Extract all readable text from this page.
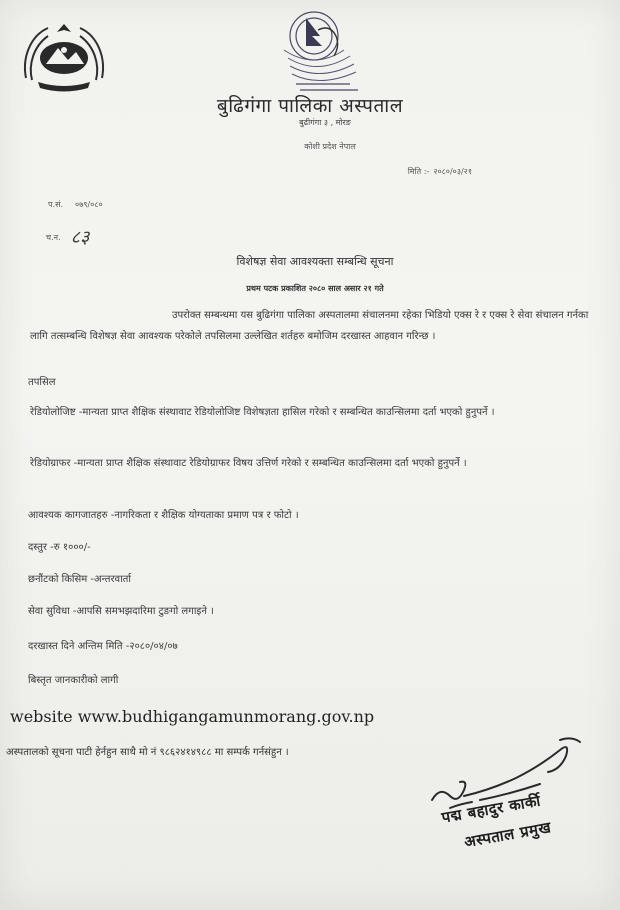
बुढिगंगा पालिका अस्पताल
बुढीगंगा ३ , मोरङ
कोशी प्रदेश नेपाल
मिति :- २०८०/०३/२१
प.सं. ०७९/०८०
च.न. ८३
विशेषज्ञ सेवा आवश्यक्ता सम्बन्धि सूचना
प्रथम पटक प्रकाशित २०८० साल असार २१ गते

उपरोक्त सम्बन्धमा यस बुढिगंगा पालिका अस्पतालमा संचालनमा रहेका भिडियो एक्स रे र एक्स रे सेवा संचालन गर्नका लागि तत्सम्बन्धि विशेषज्ञ सेवा आवश्यक परेकोले तपसिलमा उल्लेखित शर्तहरु बमोजिम दरखास्त आहवान गरिन्छ ।

तपसिल
रेडियोलोजिष्ट -मान्यता प्राप्त शैक्षिक संस्थावाट रेडियोलोजिष्ट विशेषज्ञता हासिल गरेको र सम्बन्धित काउन्सिलमा दर्ता भएको हुनुपर्ने ।
रेडियोग्राफर -मान्यता प्राप्त शैक्षिक संस्थावाट रेडियोग्राफर विषय उत्तिर्ण गरेको र सम्बन्धित काउन्सिलमा दर्ता भएको हुनुपर्ने ।
आवश्यक कागजातहरु -नागरिकता र शैक्षिक योग्यताका प्रमाण पत्र र फोटो ।
दस्तुर -रु १०००/-
छनौंटको किसिम -अन्तरवार्ता
सेवा सुविधा -आपसि समभझदारिमा टुङगो लगाइने ।
दरखास्त दिने अन्तिम मिति -२०८०/०४/०७
बिस्तृत जानकारीको लागी
website www.budhigangamunmorang.gov.np
अस्पतालको सूचना पाटी हेर्नहुन साथै मो नं ९८६२४१४९८८ मा सम्पर्क गर्नसंहुन ।
पद्म बहादुर कार्की
अस्पताल प्रमुख
